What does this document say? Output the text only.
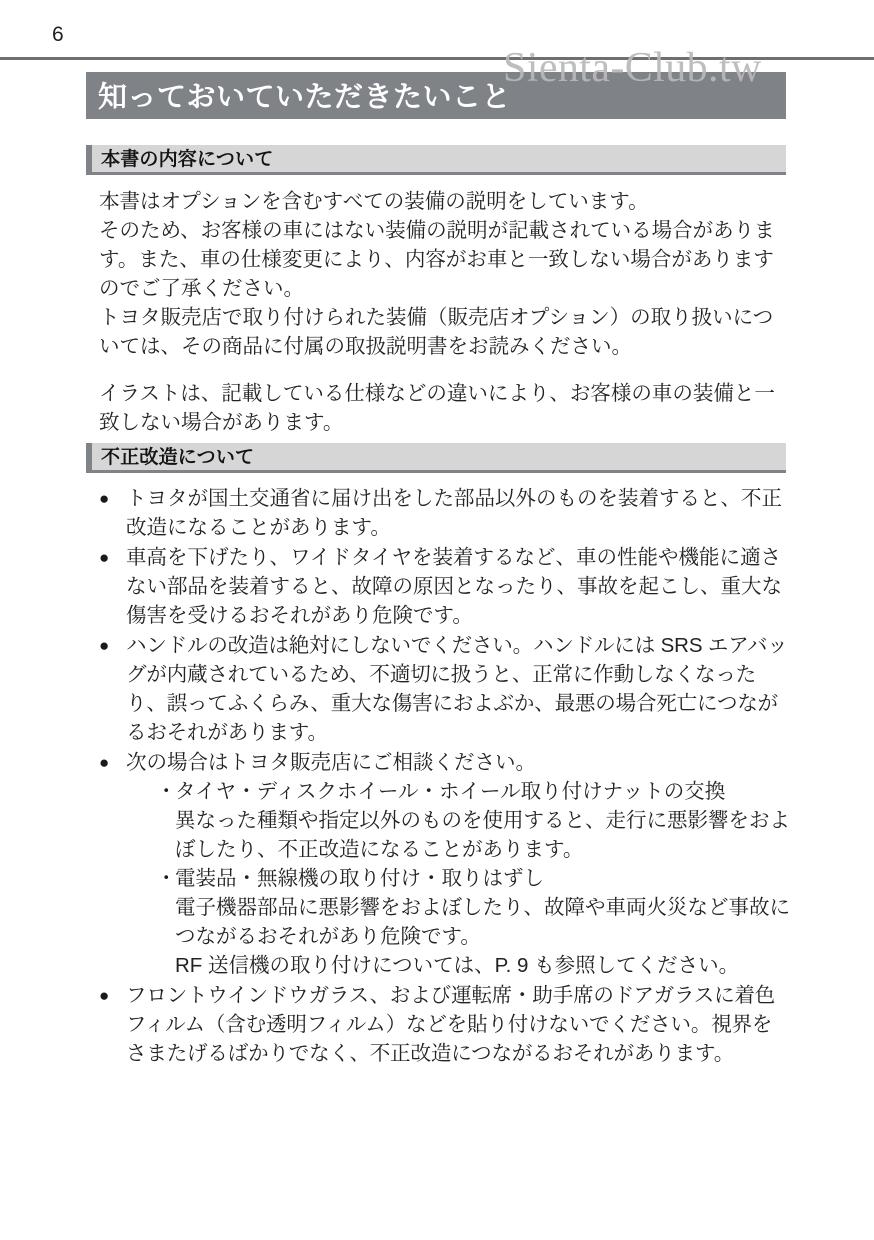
6
Sienta-Club.tw
知っておいていただきたいこと
本書の内容について

本書はオプションを含むすべての装備の説明をしています。

そのため、お客様の車にはない装備の説明が記載されている場合があります。また、車の仕様変更により、内容がお車と一致しない場合がありますのでご了承ください。

トヨタ販売店で取り付けられた装備（販売店オプション）の取り扱いについては、その商品に付属の取扱説明書をお読みください。

イラストは、記載している仕様などの違いにより、お客様の車の装備と一致しない場合があります。

不正改造について
● トヨタが国土交通省に届け出をした部品以外のものを装着すると、不正改造になることがあります。

● 車高を下げたり、ワイドタイヤを装着するなど、車の性能や機能に適さない部品を装着すると、故障の原因となったり、事故を起こし、重大な傷害を受けるおそれがあり危険です。

● ハンドルの改造は絶対にしないでください。ハンドルには SRS エアバッグが内蔵されているため、不適切に扱うと、正常に作動しなくなったり、誤ってふくらみ、重大な傷害におよぶか、最悪の場合死亡につながるおそれがあります。

● 次の場合はトヨタ販売店にご相談ください。

・

タイヤ・ディスクホイール・ホイール取り付けナットの交換

異なった種類や指定以外のものを使用すると、走行に悪影響をおよぼしたり、不正改造になることがあります。

・

電装品・無線機の取り付け・取りはずし

電子機器部品に悪影響をおよぼしたり、故障や車両火災など事故につながるおそれがあり危険です。

RF 送信機の取り付けについては、P. 9 も参照してください。

● フロントウインドウガラス、および運転席・助手席のドアガラスに着色フィルム（含む透明フィルム）などを貼り付けないでください。視界をさまたげるばかりでなく、不正改造につながるおそれがあります。
